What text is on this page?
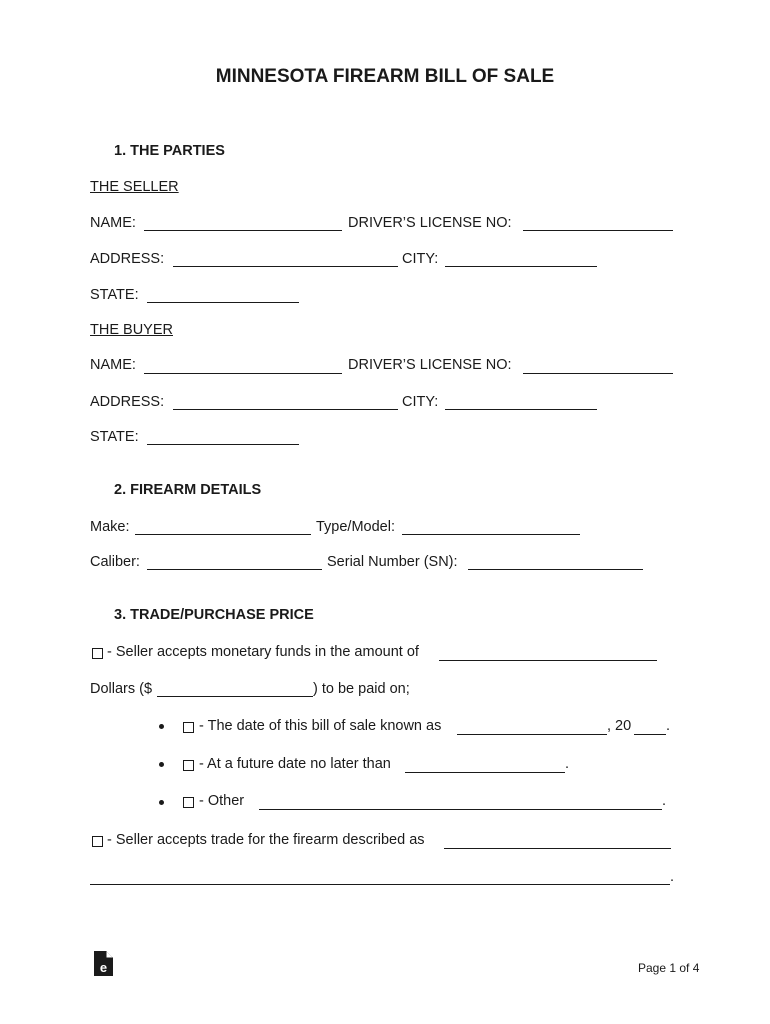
MINNESOTA FIREARM BILL OF SALE
1. THE PARTIES
THE SELLER
NAME:	DRIVER’S LICENSE NO:
ADDRESS:	CITY:
STATE:
THE BUYER
NAME:	DRIVER’S LICENSE NO:
ADDRESS:	CITY:
STATE:
2. FIREARM DETAILS
Make:	Type/Model:
Caliber:	Serial Number (SN):
3. TRADE/PURCHASE PRICE
- Seller accepts monetary funds in the amount of
Dollars ($	) to be paid on;
- The date of this bill of sale known as	, 20 .
- At a future date no later than	.
- Other	.
- Seller accepts trade for the firearm described as
.
e	Page 1 of 4
